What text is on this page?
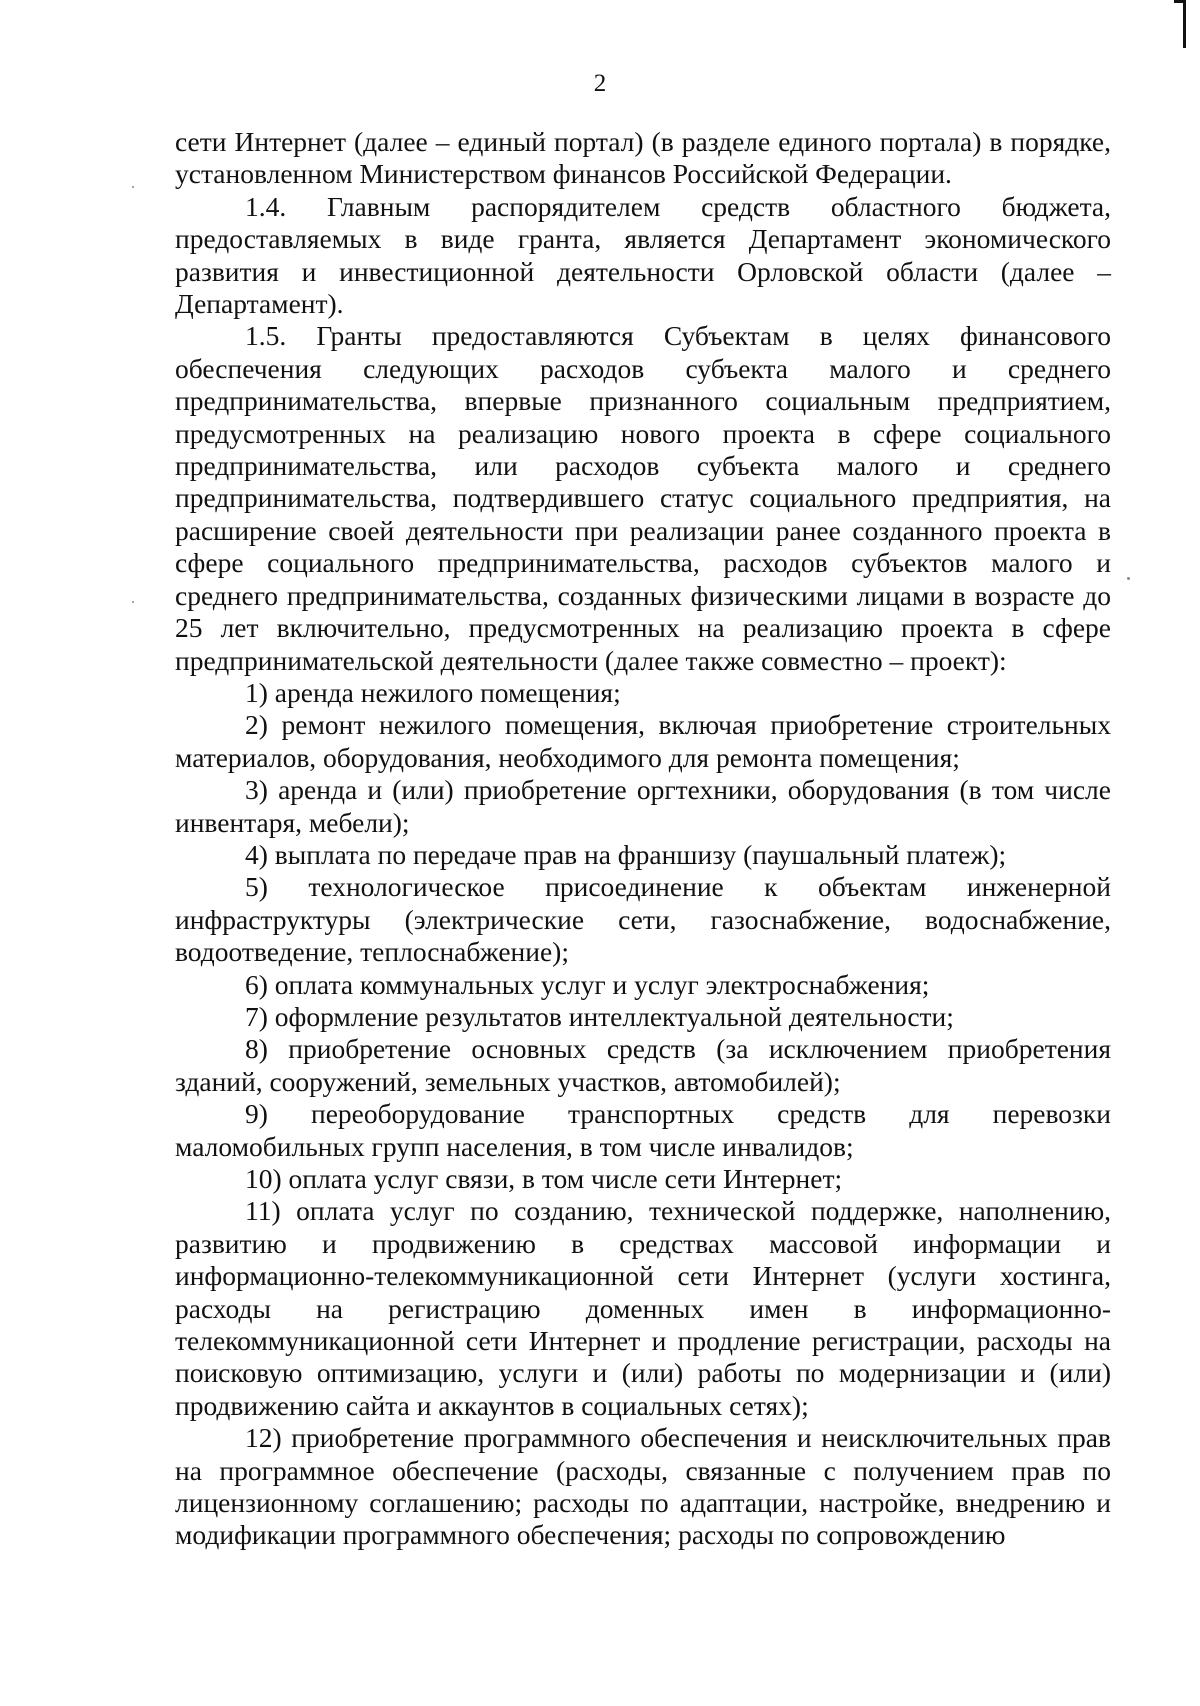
2

сети Интернет (далее – единый портал) (в разделе единого портала) в порядке, установленном Министерством финансов Российской Федерации.

1.4. Главным распорядителем средств областного бюджета, предоставляемых в виде гранта, является Департамент экономического развития и инвестиционной деятельности Орловской области (далее – Департамент).

1.5. Гранты предоставляются Субъектам в целях финансового обеспечения следующих расходов субъекта малого и среднего предпринимательства, впервые признанного социальным предприятием, предусмотренных на реализацию нового проекта в сфере социального предпринимательства, или расходов субъекта малого и среднего предпринимательства, подтвердившего статус социального предприятия, на расширение своей деятельности при реализации ранее созданного проекта в сфере социального предпринимательства, расходов субъектов малого и среднего предпринимательства, созданных физическими лицами в возрасте до 25 лет включительно, предусмотренных на реализацию проекта в сфере предпринимательской деятельности (далее также совместно – проект):

1) аренда нежилого помещения;

2) ремонт нежилого помещения, включая приобретение строительных материалов, оборудования, необходимого для ремонта помещения;

3) аренда и (или) приобретение оргтехники, оборудования (в том числе инвентаря, мебели);

4) выплата по передаче прав на франшизу (паушальный платеж);

5) технологическое присоединение к объектам инженерной инфраструктуры (электрические сети, газоснабжение, водоснабжение, водоотведение, теплоснабжение);

6) оплата коммунальных услуг и услуг электроснабжения;

7) оформление результатов интеллектуальной деятельности;

8) приобретение основных средств (за исключением приобретения зданий, сооружений, земельных участков, автомобилей);

9) переоборудование транспортных средств для перевозки маломобильных групп населения, в том числе инвалидов;

10) оплата услуг связи, в том числе сети Интернет;

11) оплата услуг по созданию, технической поддержке, наполнению, развитию и продвижению в средствах массовой информации и информационно-телекоммуникационной сети Интернет (услуги хостинга, расходы на регистрацию доменных имен в информационно-телекоммуникационной сети Интернет и продление регистрации, расходы на поисковую оптимизацию, услуги и (или) работы по модернизации и (или) продвижению сайта и аккаунтов в социальных сетях);

12) приобретение программного обеспечения и неисключительных прав на программное обеспечение (расходы, связанные с получением прав по лицензионному соглашению; расходы по адаптации, настройке, внедрению и модификации программного обеспечения; расходы по сопровождению
